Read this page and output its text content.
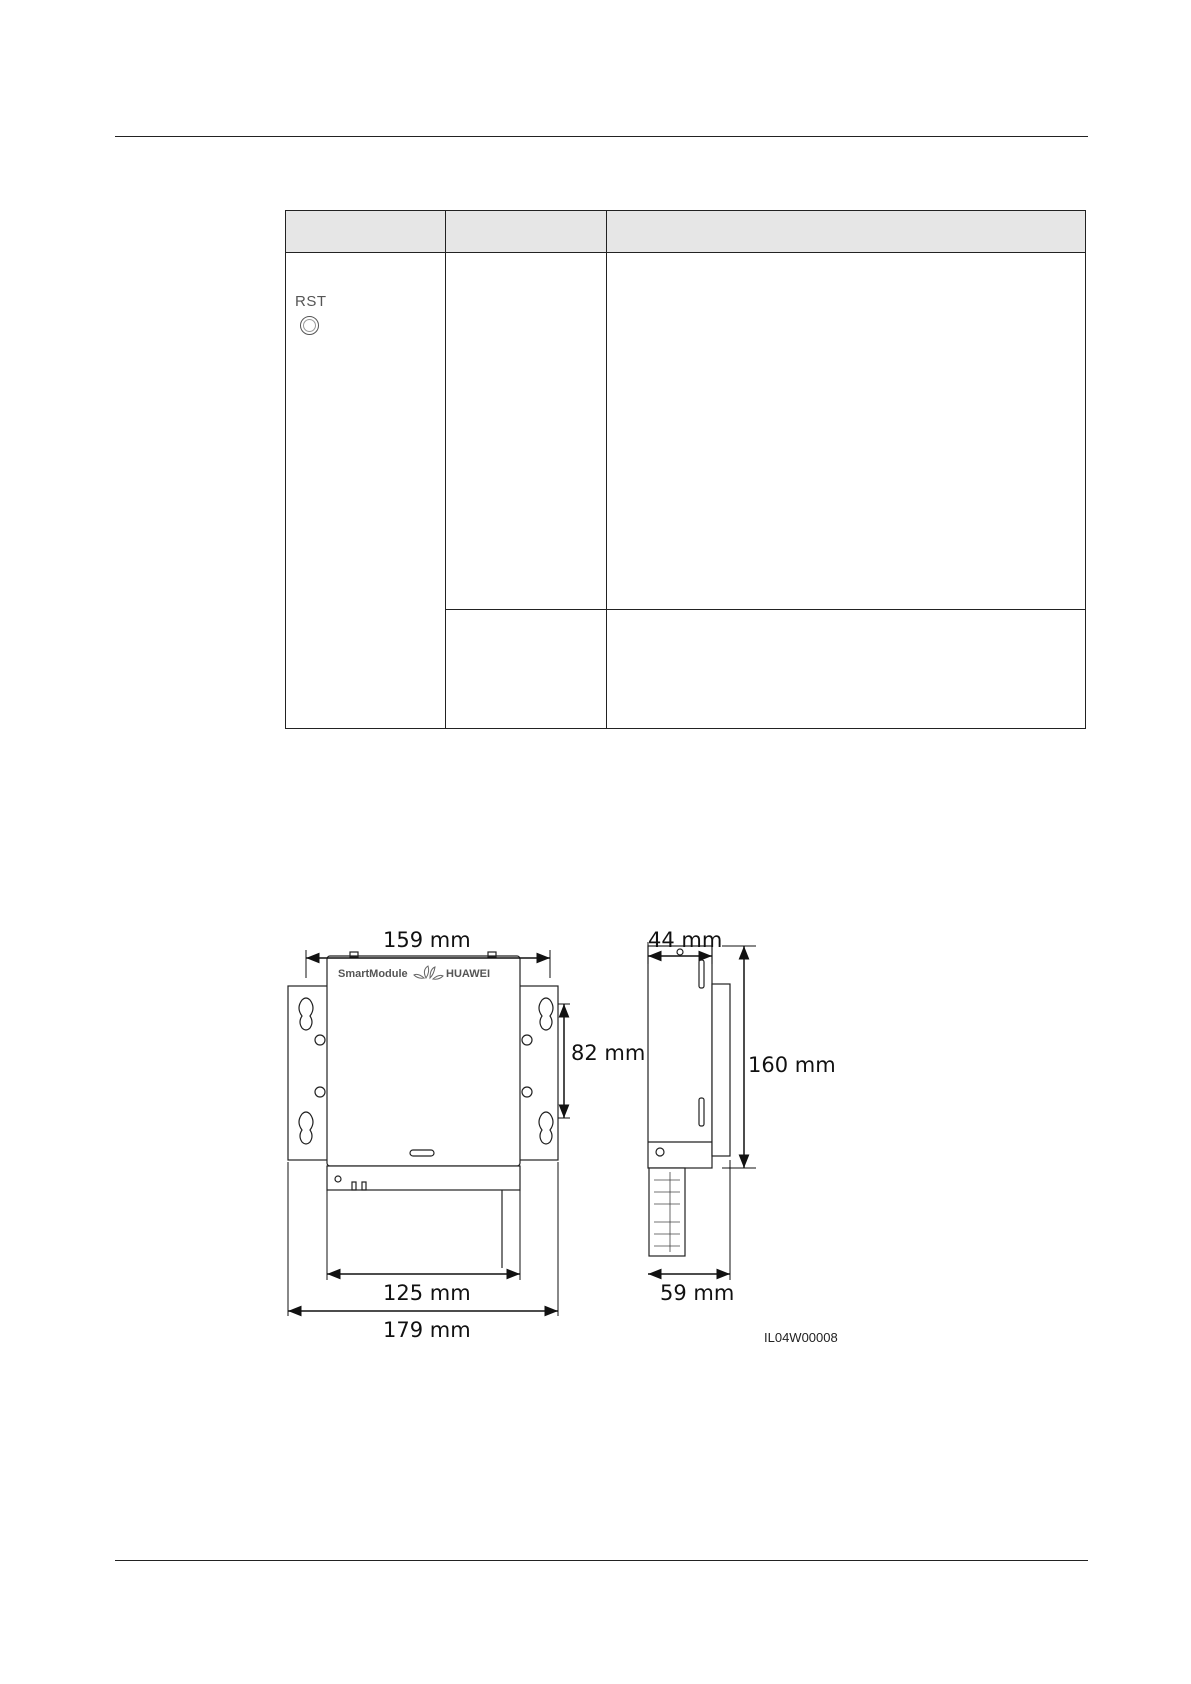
RST		

SmartModule	HUAWEI
159 mm
82 mm
125 mm
179 mm
44 mm
160 mm
59 mm
IL04W00008
